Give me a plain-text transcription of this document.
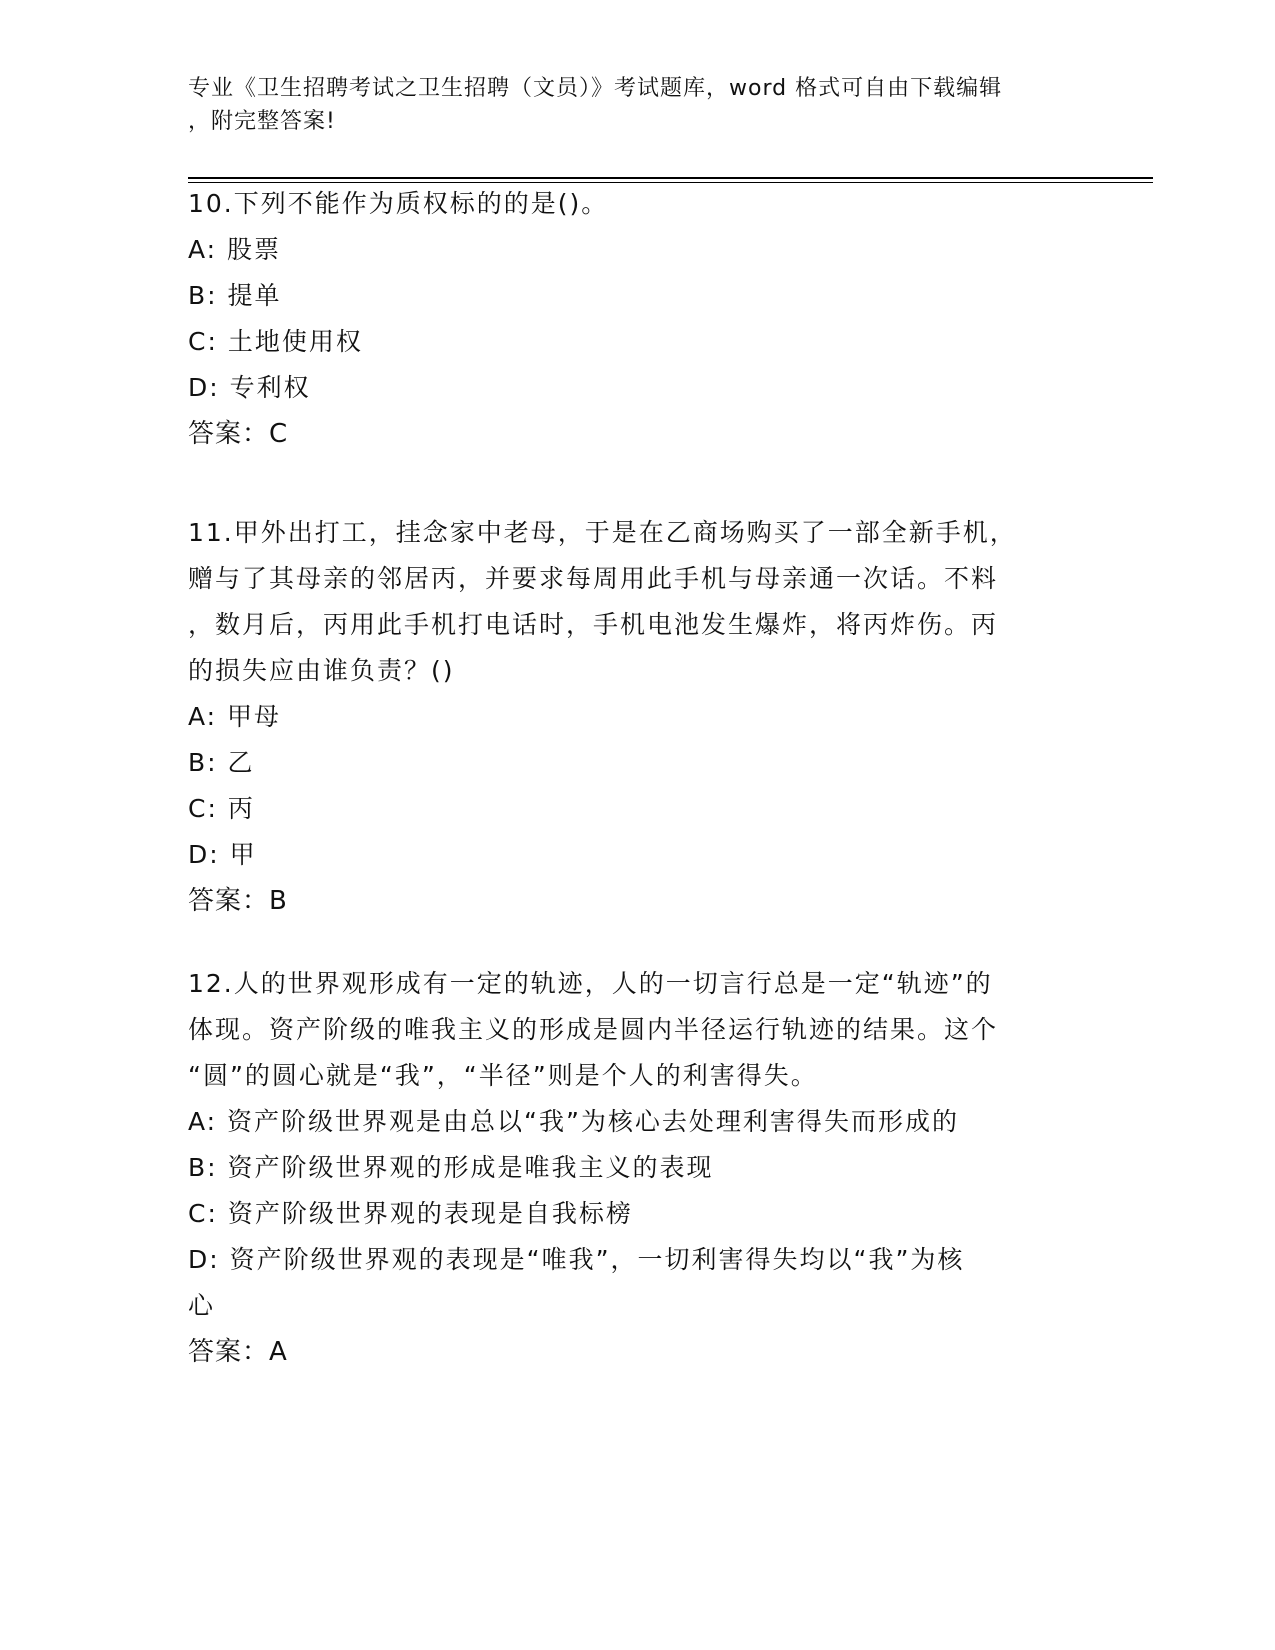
专业《卫生招聘考试之卫生招聘（文员）》考试题库，word 格式可自由下载编辑
，附完整答案!
10.下列不能作为质权标的的是()。
A: 股票
B: 提单
C: 土地使用权
D: 专利权
答案：C
11.甲外出打工，挂念家中老母，于是在乙商场购买了一部全新手机，
赠与了其母亲的邻居丙，并要求每周用此手机与母亲通一次话。不料
，数月后，丙用此手机打电话时，手机电池发生爆炸，将丙炸伤。丙
的损失应由谁负责？()
A: 甲母
B: 乙
C: 丙
D: 甲
答案：B
12.人的世界观形成有一定的轨迹，人的一切言行总是一定“轨迹”的
体现。资产阶级的唯我主义的形成是圆内半径运行轨迹的结果。这个
“圆”的圆心就是“我”，“半径”则是个人的利害得失。
A: 资产阶级世界观是由总以“我”为核心去处理利害得失而形成的
B: 资产阶级世界观的形成是唯我主义的表现
C: 资产阶级世界观的表现是自我标榜
D: 资产阶级世界观的表现是“唯我”，一切利害得失均以“我”为核
心
答案：A
